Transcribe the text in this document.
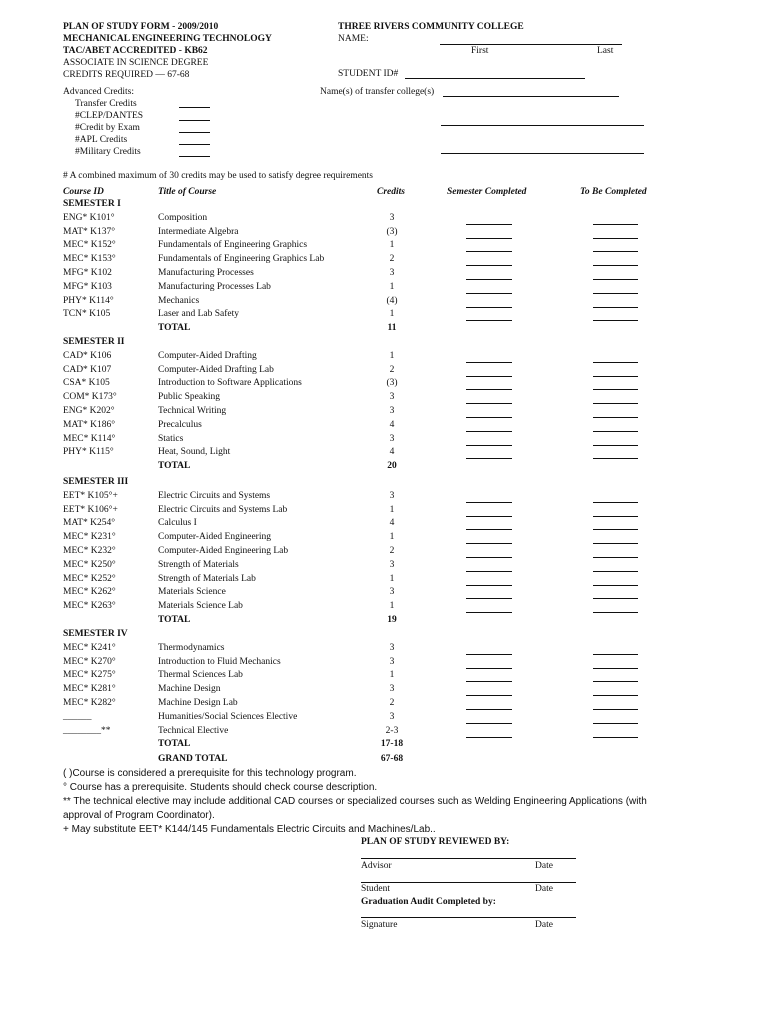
PLAN OF STUDY FORM - 2009/2010
MECHANICAL ENGINEERING TECHNOLOGY
TAC/ABET ACCREDITED - KB62
ASSOCIATE IN SCIENCE DEGREE
CREDITS REQUIRED — 67-68
THREE RIVERS COMMUNITY COLLEGE
NAME:
First	Last
STUDENT ID#
Name(s) of transfer college(s)
Advanced Credits:
Transfer Credits
#CLEP/DANTES
#Credit by Exam
#APL Credits
#Military Credits
# A combined maximum of 30 credits may be used to satisfy degree requirements
Course ID	Title of Course	Credits	Semester Completed	To Be Completed
SEMESTER I
ENG* K101°	Composition	3
MAT* K137°	Intermediate Algebra	(3)
MEC* K152°	Fundamentals of Engineering Graphics	1
MEC* K153°	Fundamentals of Engineering Graphics Lab	2
MFG* K102	Manufacturing Processes	3
MFG* K103	Manufacturing Processes Lab	1
PHY* K114°	Mechanics	(4)
TCN* K105	Laser and Lab Safety	1
TOTAL	11
SEMESTER II
CAD* K106	Computer-Aided Drafting	1
CAD* K107	Computer-Aided Drafting Lab	2
CSA* K105	Introduction to Software Applications	(3)
COM* K173°	Public Speaking	3
ENG* K202°	Technical Writing	3
MAT* K186°	Precalculus	4
MEC* K114°	Statics	3
PHY* K115°	Heat, Sound, Light	4
TOTAL	20
SEMESTER III
EET* K105°+	Electric Circuits and Systems	3
EET* K106°+	Electric Circuits and Systems Lab	1
MAT* K254°	Calculus I	4
MEC* K231°	Computer-Aided Engineering	1
MEC* K232°	Computer-Aided Engineering Lab	2
MEC* K250°	Strength of Materials	3
MEC* K252°	Strength of Materials Lab	1
MEC* K262°	Materials Science	3
MEC* K263°	Materials Science Lab	1
TOTAL	19
SEMESTER IV
MEC* K241°	Thermodynamics	3
MEC* K270°	Introduction to Fluid Mechanics	3
MEC* K275°	Thermal Sciences Lab	1
MEC* K281°	Machine Design	3
MEC* K282°	Machine Design Lab	2
______	Humanities/Social Sciences Elective	3
________**	Technical Elective	2-3
TOTAL	17-18
GRAND TOTAL	67-68
( )Course is considered a prerequisite for this technology program.
° Course has a prerequisite. Students should check course description.
** The technical elective may include additional CAD courses or specialized courses such as Welding Engineering Applications (with
approval of Program Coordinator).
+ May substitute EET* K144/145 Fundamentals Electric Circuits and Machines/Lab..
PLAN OF STUDY REVIEWED BY:
Advisor	Date
Student	Date
Graduation Audit Completed by:
Signature	Date
